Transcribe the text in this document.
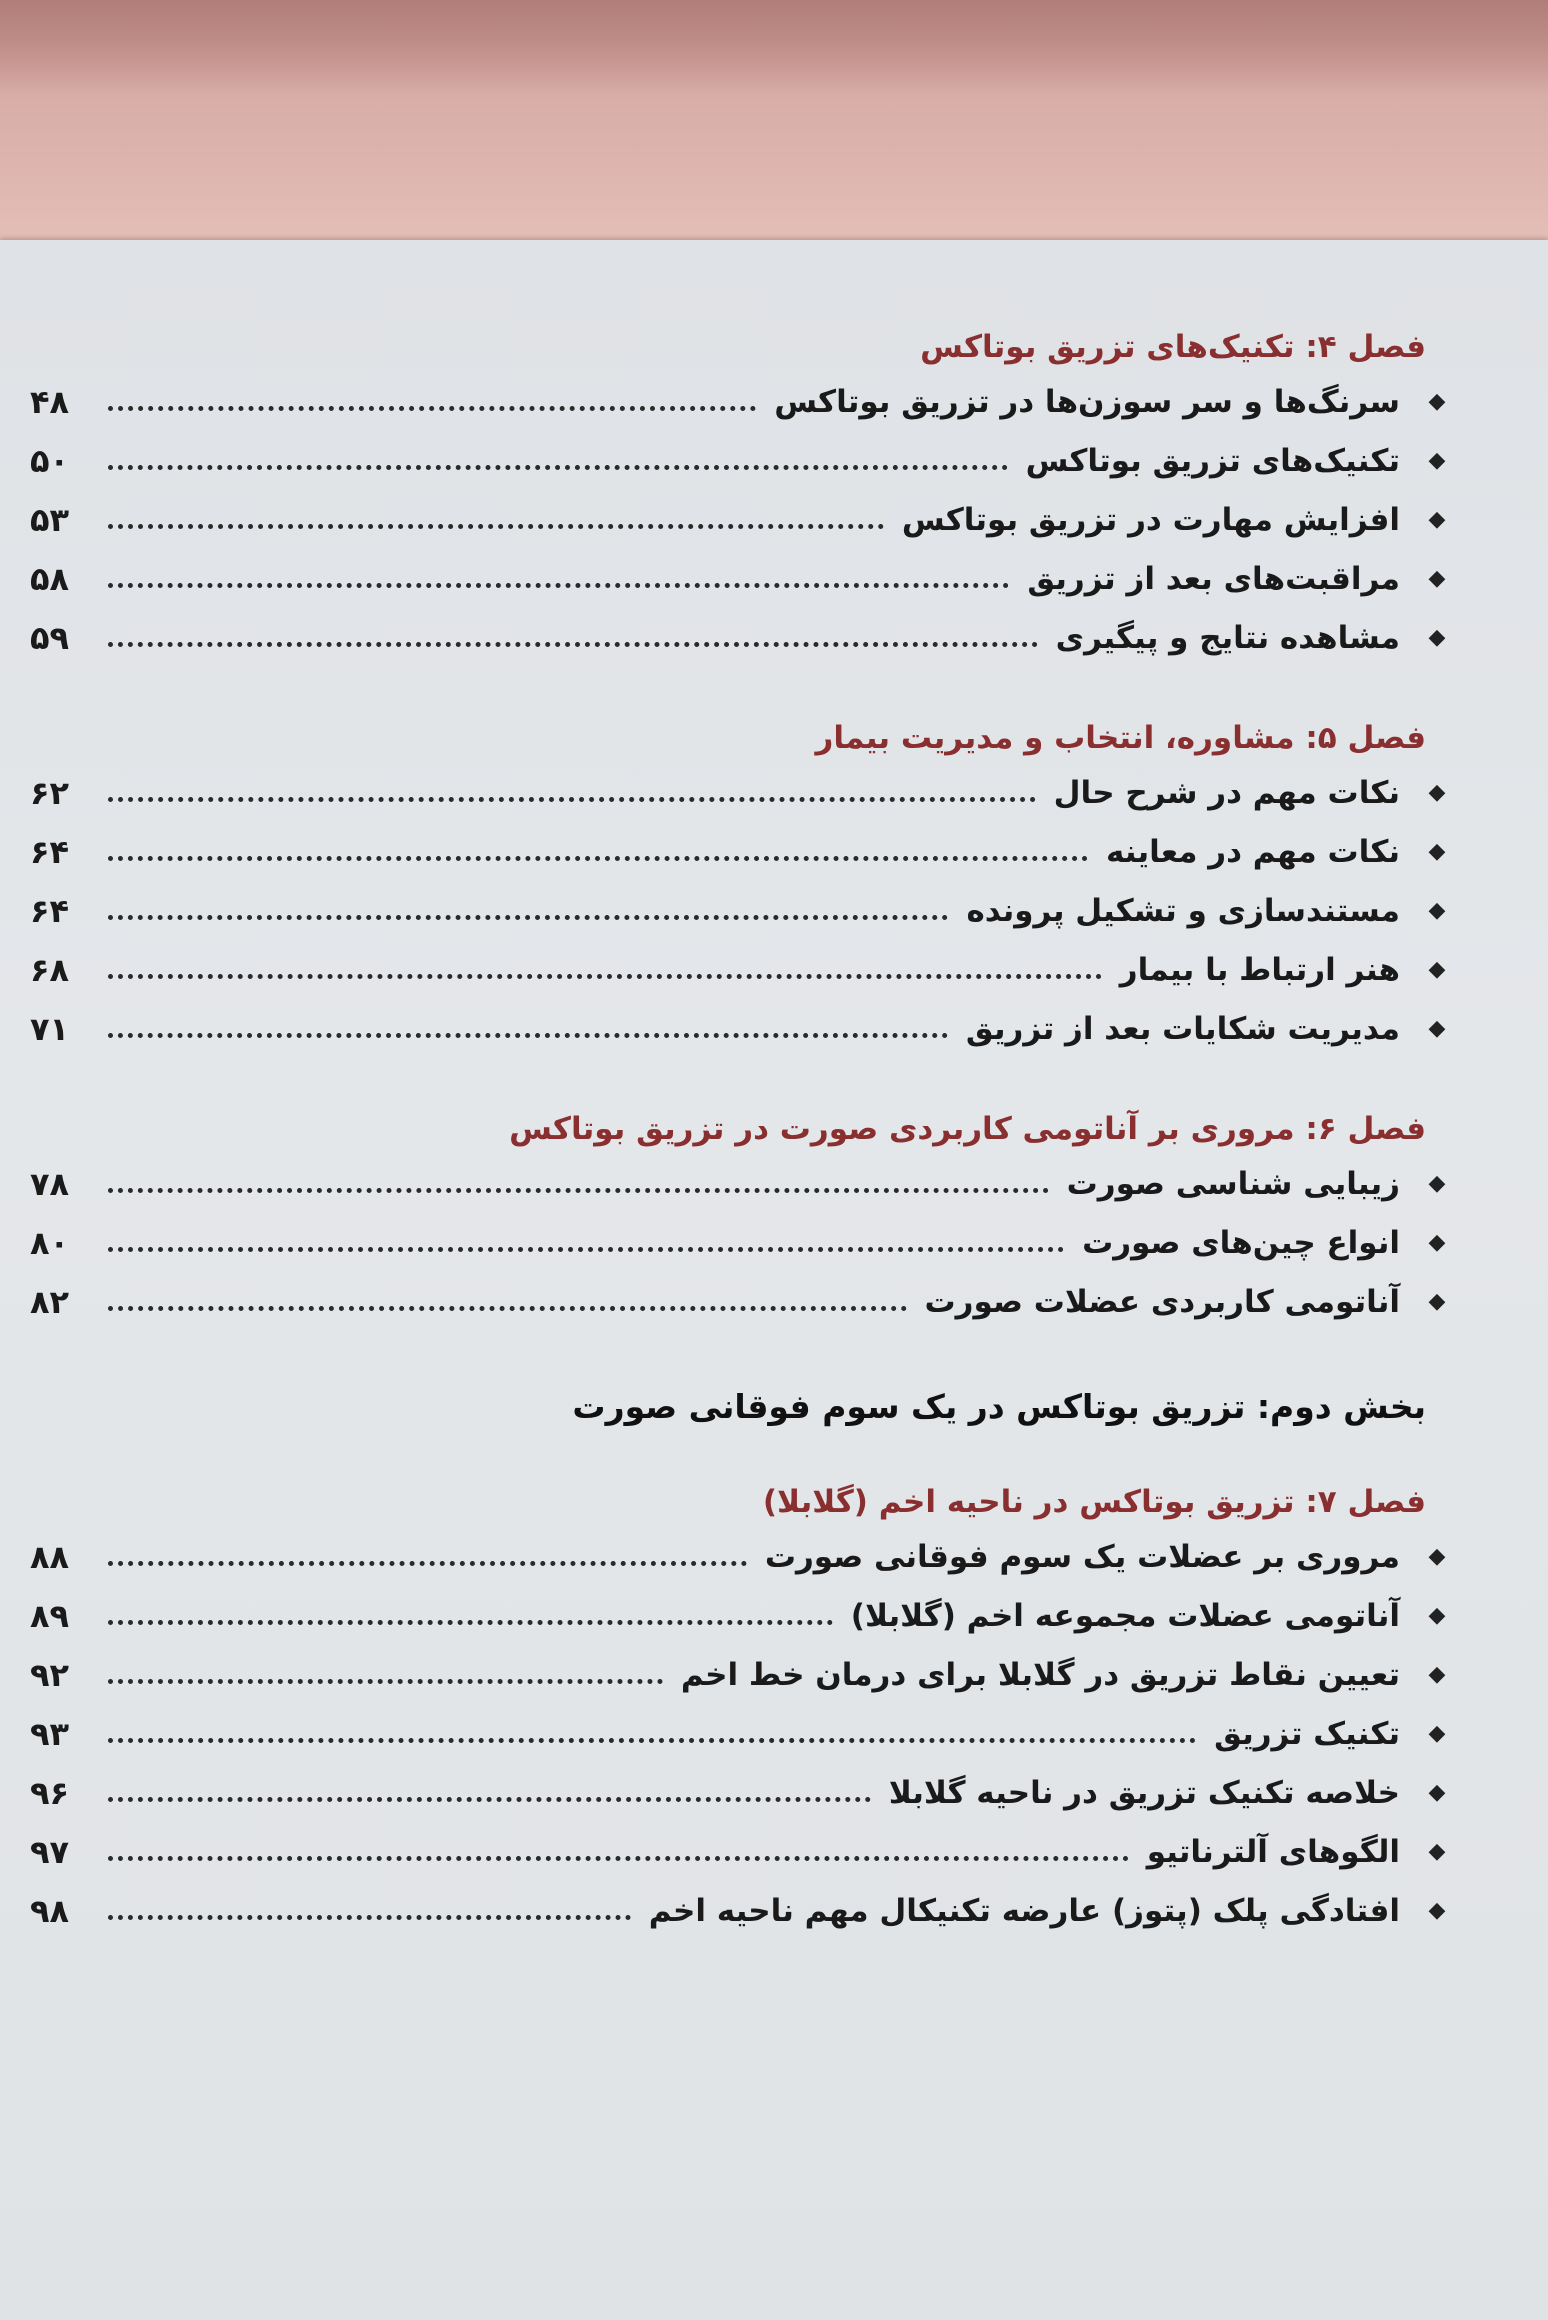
فصل ۴: تکنیک‌های تزریق بوتاکس
◆
سرنگ‌ها و سر سوزن‌ها در تزریق بوتاکس
۴۸
◆
تکنیک‌های تزریق بوتاکس
۵۰
◆
افزایش مهارت در تزریق بوتاکس
۵۳
◆
مراقبت‌های بعد از تزریق
۵۸
◆
مشاهده نتایج و پیگیری
۵۹
فصل ۵: مشاوره، انتخاب و مدیریت بیمار
◆
نکات مهم در شرح حال
۶۲
◆
نکات مهم در معاینه
۶۴
◆
مستندسازی و تشکیل پرونده
۶۴
◆
هنر ارتباط با بیمار
۶۸
◆
مدیریت شکایات بعد از تزریق
۷۱
فصل ۶: مروری بر آناتومی کاربردی صورت در تزریق بوتاکس
◆
زیبایی شناسی صورت
۷۸
◆
انواع چین‌های صورت
۸۰
◆
آناتومی کاربردی عضلات صورت
۸۲
بخش دوم: تزریق بوتاکس در یک سوم فوقانی صورت
فصل ۷: تزریق بوتاکس در ناحیه اخم (گلابلا)
◆
مروری بر عضلات یک سوم فوقانی صورت
۸۸
◆
آناتومی عضلات مجموعه اخم (گلابلا)
۸۹
◆
تعیین نقاط تزریق در گلابلا برای درمان خط اخم
۹۲
◆
تکنیک تزریق
۹۳
◆
خلاصه تکنیک تزریق در ناحیه گلابلا
۹۶
◆
الگوهای آلترناتیو
۹۷
◆
افتادگی پلک (پتوز) عارضه تکنیکال مهم ناحیه اخم
۹۸
